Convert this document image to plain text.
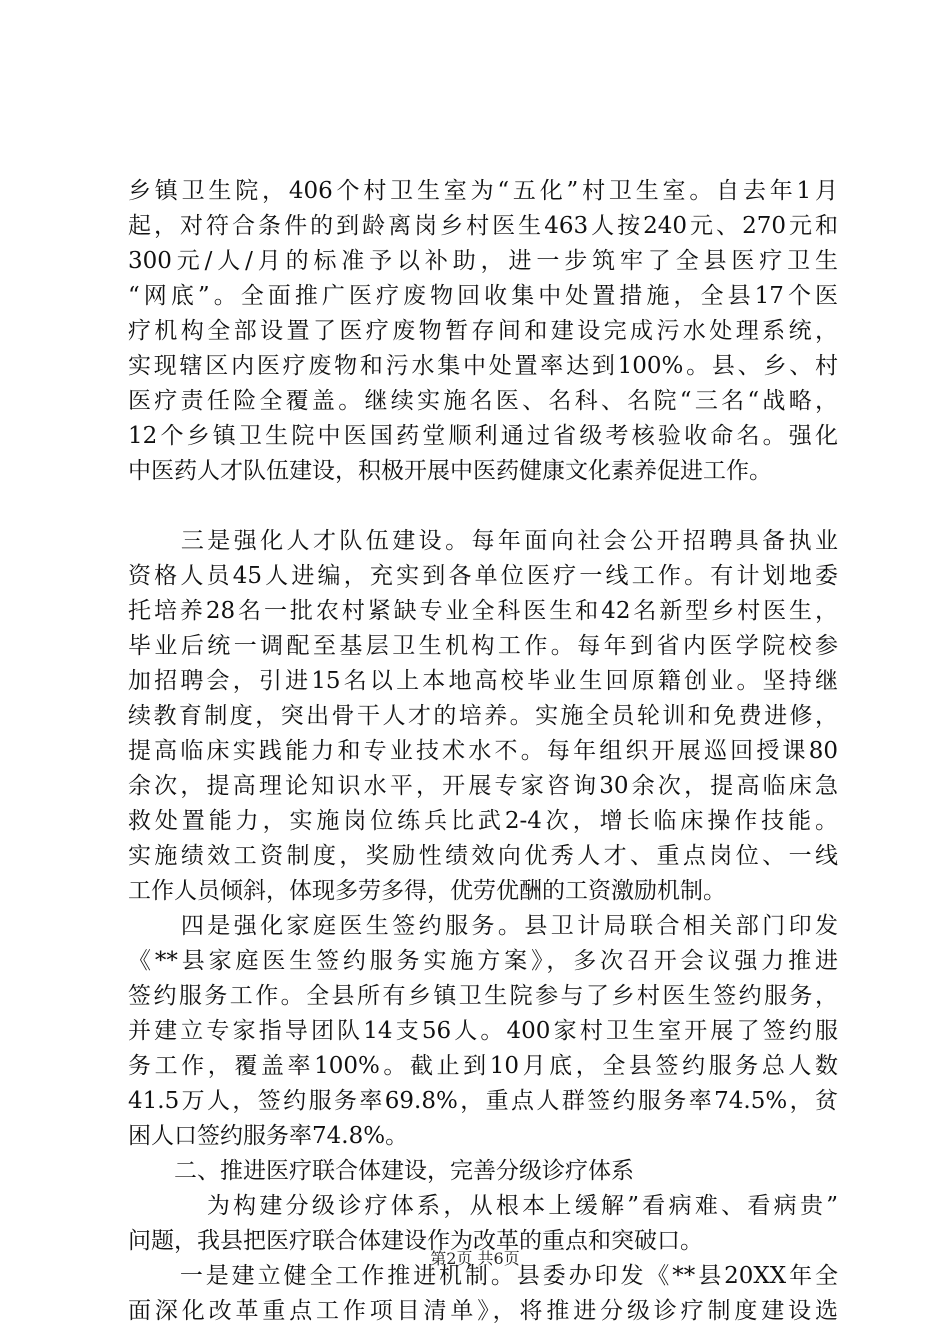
乡镇卫生院，406个村卫生室为“五化”村卫生室。自去年1月
起，对符合条件的到龄离岗乡村医生463人按240元、270元和
300元/人/月的标准予以补助，进一步筑牢了全县医疗卫生
“网底”。全面推广医疗废物回收集中处置措施，全县17个医
疗机构全部设置了医疗废物暂存间和建设完成污水处理系统，
实现辖区内医疗废物和污水集中处置率达到100%。县、乡、村
医疗责任险全覆盖。继续实施名医、名科、名院“三名“战略，
12个乡镇卫生院中医国药堂顺利通过省级考核验收命名。强化
中医药人才队伍建设，积极开展中医药健康文化素养促进工作。
　　三是强化人才队伍建设。每年面向社会公开招聘具备执业
资格人员45人进编，充实到各单位医疗一线工作。有计划地委
托培养28名一批农村紧缺专业全科医生和42名新型乡村医生，
毕业后统一调配至基层卫生机构工作。每年到省内医学院校参
加招聘会，引进15名以上本地高校毕业生回原籍创业。坚持继
续教育制度，突出骨干人才的培养。实施全员轮训和免费进修，
提高临床实践能力和专业技术水不。每年组织开展巡回授课80
余次，提高理论知识水平，开展专家咨询30余次，提高临床急
救处置能力，实施岗位练兵比武2-4次，增长临床操作技能。
实施绩效工资制度，奖励性绩效向优秀人才、重点岗位、一线
工作人员倾斜，体现多劳多得，优劳优酬的工资激励机制。
　　四是强化家庭医生签约服务。县卫计局联合相关部门印发
《**县家庭医生签约服务实施方案》，多次召开会议强力推进
签约服务工作。全县所有乡镇卫生院参与了乡村医生签约服务，
并建立专家指导团队14支56人。400家村卫生室开展了签约服
务工作，覆盖率100%。截止到10月底，全县签约服务总人数
41.5万人，签约服务率69.8%，重点人群签约服务率74.5%，贫
困人口签约服务率74.8%。
　　二、推进医疗联合体建设，完善分级诊疗体系
　　　为构建分级诊疗体系，从根本上缓解”看病难、看病贵”
问题，我县把医疗联合体建设作为改革的重点和突破口。
　　一是建立健全工作推进机制。县委办印发《**县20XX年全
面深化改革重点工作项目清单》，将推进分级诊疗制度建设选
第2页 共6页
